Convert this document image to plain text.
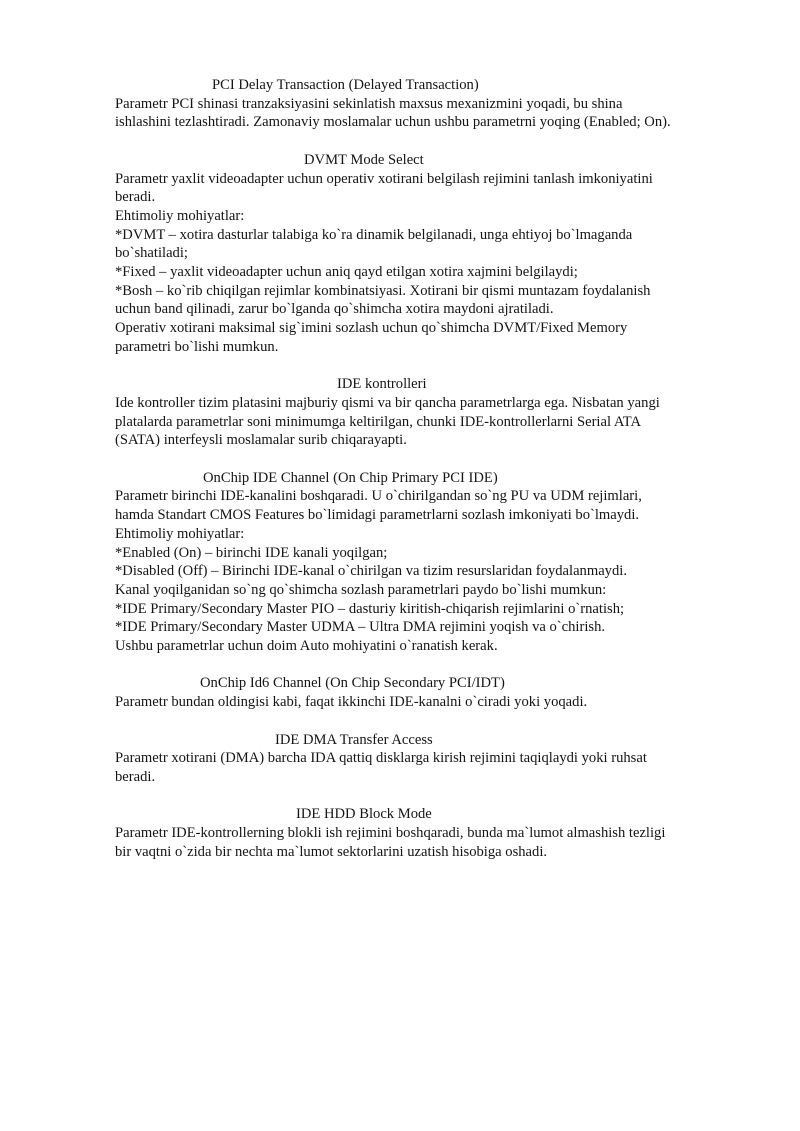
PCI Delay Transaction (Delayed Transaction)
Parametr PCI shinasi tranzaksiyasini sekinlatish maxsus mexanizmini yoqadi, bu shina
ishlashini tezlashtiradi. Zamonaviy moslamalar uchun ushbu parametrni yoqing (Enabled; On).
DVMT Mode Select
Parametr yaxlit videoadapter uchun operativ xotirani belgilash rejimini tanlash imkoniyatini
beradi.
Ehtimoliy mohiyatlar:
*DVMT – xotira dasturlar talabiga ko`ra dinamik belgilanadi, unga ehtiyoj bo`lmaganda
bo`shatiladi;
*Fixed – yaxlit videoadapter uchun aniq qayd etilgan xotira xajmini belgilaydi;
*Bosh – ko`rib chiqilgan rejimlar kombinatsiyasi. Xotirani bir qismi muntazam foydalanish
uchun band qilinadi, zarur bo`lganda qo`shimcha xotira maydoni ajratiladi.
Operativ xotirani maksimal sig`imini sozlash uchun qo`shimcha DVMT/Fixed Memory
parametri bo`lishi mumkun.
IDE kontrolleri
Ide kontroller tizim platasini majburiy qismi va bir qancha parametrlarga ega. Nisbatan yangi
platalarda parametrlar soni minimumga keltirilgan, chunki IDE-kontrollerlarni Serial ATA
(SATA) interfeysli moslamalar surib chiqarayapti.
OnChip IDE Channel (On Chip Primary PCI IDE)
Parametr birinchi IDE-kanalini boshqaradi. U o`chirilgandan so`ng PU va UDM rejimlari,
hamda Standart CMOS Features bo`limidagi parametrlarni sozlash imkoniyati bo`lmaydi.
Ehtimoliy mohiyatlar:
*Enabled (On) – birinchi IDE kanali yoqilgan;
*Disabled (Off) – Birinchi IDE-kanal o`chirilgan va tizim resurslaridan foydalanmaydi.
Kanal yoqilganidan so`ng qo`shimcha sozlash parametrlari paydo bo`lishi mumkun:
*IDE Primary/Secondary Master PIO – dasturiy kiritish-chiqarish rejimlarini o`rnatish;
*IDE Primary/Secondary Master UDMA – Ultra DMA rejimini yoqish va o`chirish.
Ushbu parametrlar uchun doim Auto mohiyatini o`ranatish kerak.
OnChip Id6 Channel (On Chip Secondary PCI/IDT)
Parametr bundan oldingisi kabi, faqat ikkinchi IDE-kanalni o`ciradi yoki yoqadi.
IDE DMA Transfer Access
Parametr xotirani (DMA) barcha IDA qattiq disklarga kirish rejimini taqiqlaydi yoki ruhsat
beradi.
IDE HDD Block Mode
Parametr IDE-kontrollerning blokli ish rejimini boshqaradi, bunda ma`lumot almashish tezligi
bir vaqtni o`zida bir nechta ma`lumot sektorlarini uzatish hisobiga oshadi.
